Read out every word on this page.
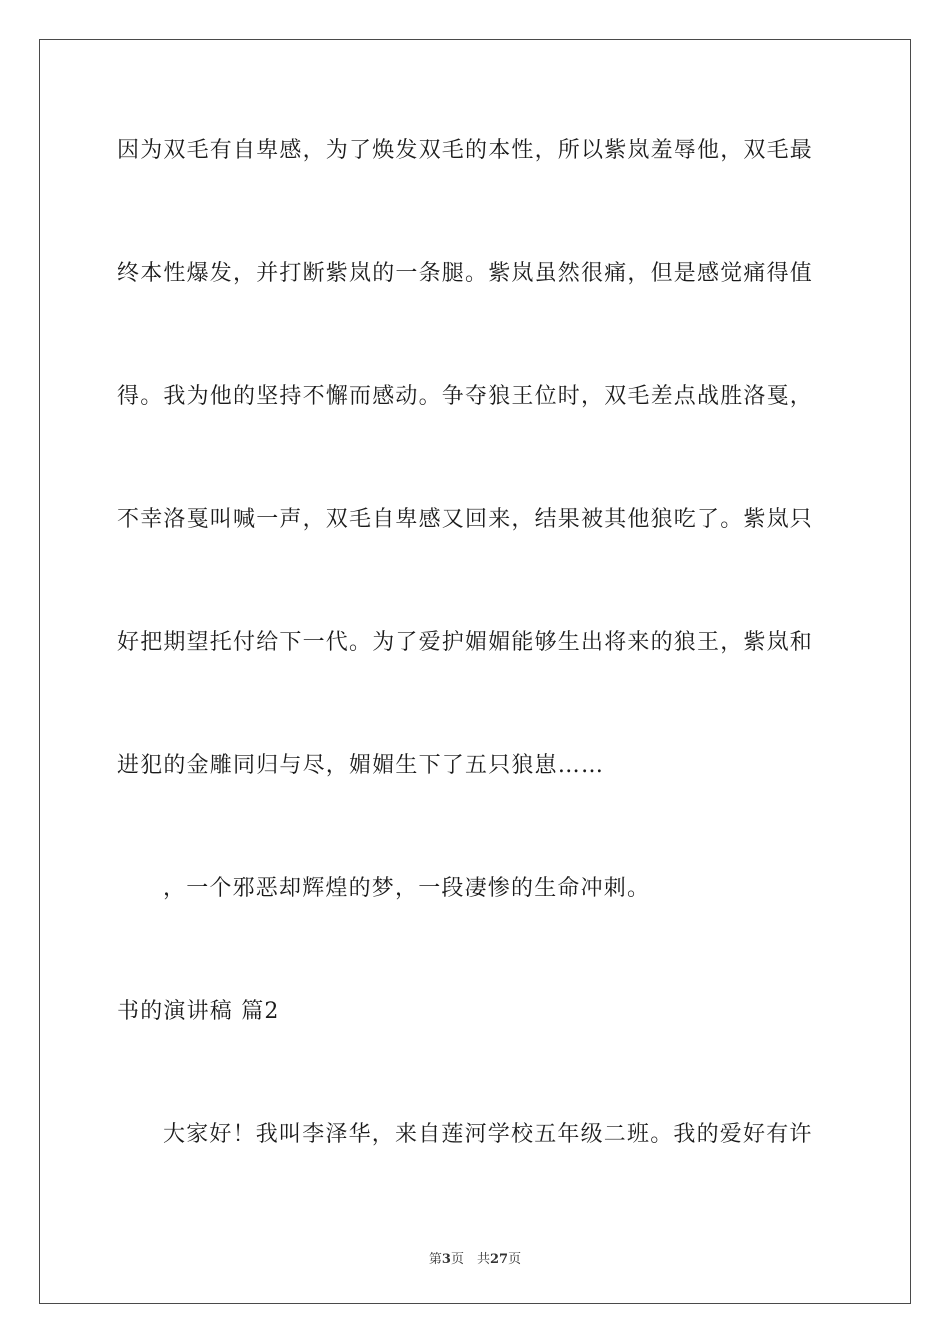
因为双毛有自卑感，为了焕发双毛的本性，所以紫岚羞辱他，双毛最

终本性爆发，并打断紫岚的一条腿。紫岚虽然很痛，但是感觉痛得值

得。我为他的坚持不懈而感动。争夺狼王位时，双毛差点战胜洛戛，

不幸洛戛叫喊一声，双毛自卑感又回来，结果被其他狼吃了。紫岚只

好把期望托付给下一代。为了爱护媚媚能够生出将来的狼王，紫岚和

进犯的金雕同归与尽，媚媚生下了五只狼崽……

，一个邪恶却辉煌的梦，一段凄惨的生命冲刺。

书的演讲稿 篇2

大家好！我叫李泽华，来自莲河学校五年级二班。我的爱好有许

第3页　共27页
